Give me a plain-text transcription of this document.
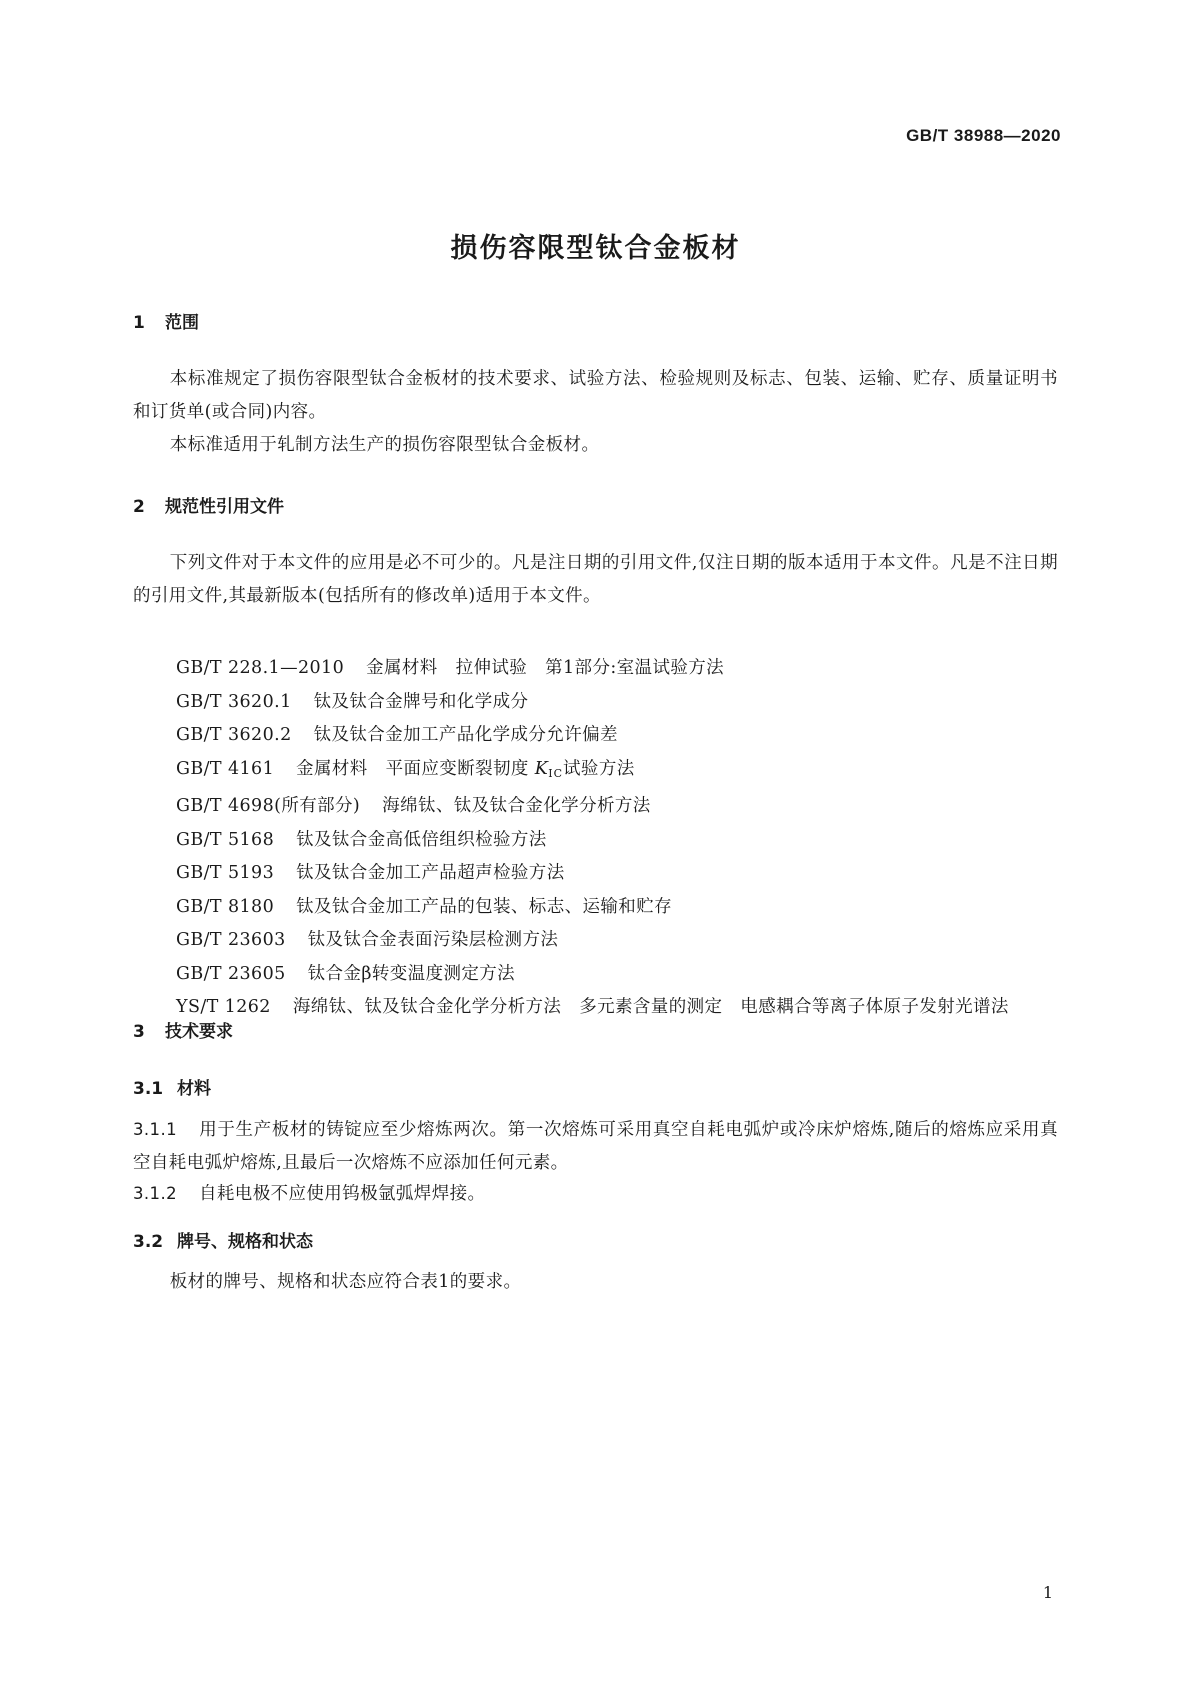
GB/T 38988—2020
损伤容限型钛合金板材
1 范围
本标准规定了损伤容限型钛合金板材的技术要求、试验方法、检验规则及标志、包装、运输、贮存、质量证明书和订货单(或合同)内容。
本标准适用于轧制方法生产的损伤容限型钛合金板材。
2 规范性引用文件
下列文件对于本文件的应用是必不可少的。凡是注日期的引用文件,仅注日期的版本适用于本文件。凡是不注日期的引用文件,其最新版本(包括所有的修改单)适用于本文件。
GB/T 228.1—2010 金属材料　拉伸试验　第1部分:室温试验方法
GB/T 3620.1 钛及钛合金牌号和化学成分
GB/T 3620.2 钛及钛合金加工产品化学成分允许偏差
GB/T 4161 金属材料　平面应变断裂韧度 $K_{IC}$试验方法
GB/T 4698(所有部分) 海绵钛、钛及钛合金化学分析方法
GB/T 5168 钛及钛合金高低倍组织检验方法
GB/T 5193 钛及钛合金加工产品超声检验方法
GB/T 8180 钛及钛合金加工产品的包装、标志、运输和贮存
GB/T 23603 钛及钛合金表面污染层检测方法
GB/T 23605 钛合金β转变温度测定方法
YS/T 1262 海绵钛、钛及钛合金化学分析方法　多元素含量的测定　电感耦合等离子体原子发射光谱法
3 技术要求
3.1 材料
3.1.1 用于生产板材的铸锭应至少熔炼两次。第一次熔炼可采用真空自耗电弧炉或冷床炉熔炼,随后的熔炼应采用真空自耗电弧炉熔炼,且最后一次熔炼不应添加任何元素。
3.1.2 自耗电极不应使用钨极氩弧焊焊接。
3.2 牌号、规格和状态
板材的牌号、规格和状态应符合表1的要求。
1
